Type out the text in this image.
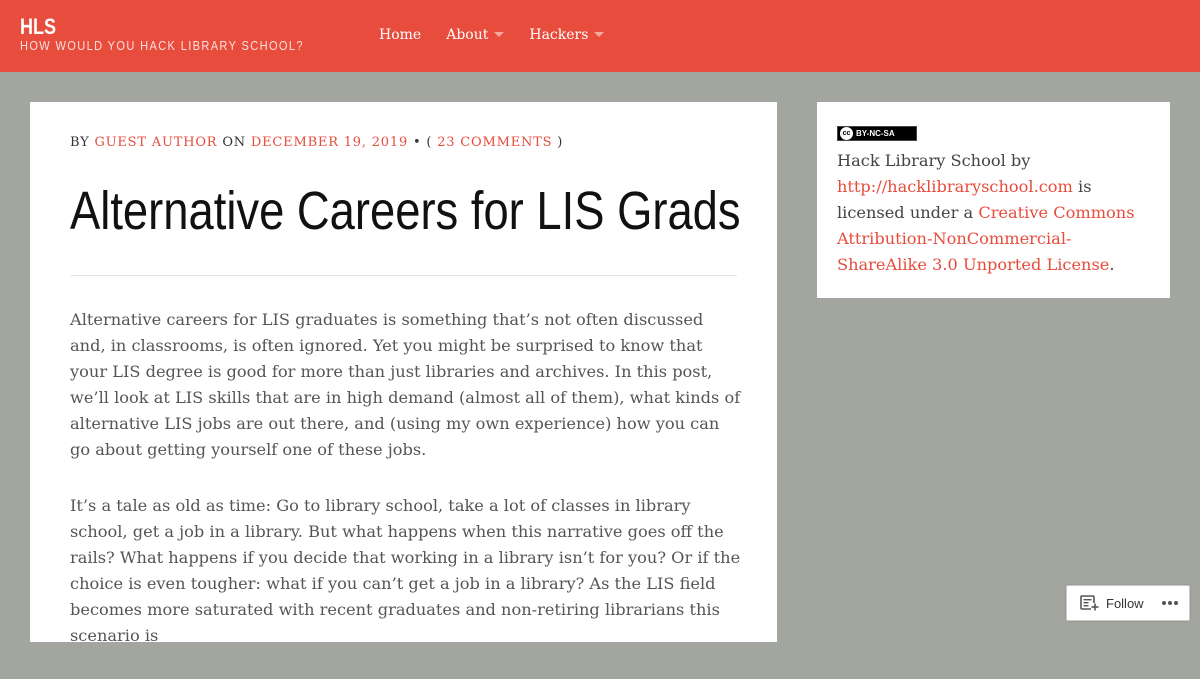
HLS
HOW WOULD YOU HACK LIBRARY SCHOOL?
Home About	Hackers
BY GUEST AUTHOR ON DECEMBER 19, 2019 • ( 23 COMMENTS )
Alternative Careers for LIS Grads

Alternative careers for LIS graduates is something that’s not often discussed and, in classrooms, is often ignored. Yet you might be surprised to know that your LIS degree is good for more than just libraries and archives. In this post, we’ll look at LIS skills that are in high demand (almost all of them), what kinds of alternative LIS jobs are out there, and (using my own experience) how you can go about getting yourself one of these jobs.

It’s a tale as old as time: Go to library school, take a lot of classes in library school, get a job in a library. But what happens when this narrative goes off the rails? What happens if you decide that working in a library isn’t for you? Or if the choice is even tougher: what if you can’t get a job in a library? As the LIS field becomes more saturated with recent graduates and non-retiring librarians this scenario is

cc BY-NC-SA
Hack Library School by http://hacklibraryschool.com is licensed under a Creative Commons Attribution-NonCommercial-ShareAlike 3.0 Unported License.
Follow
